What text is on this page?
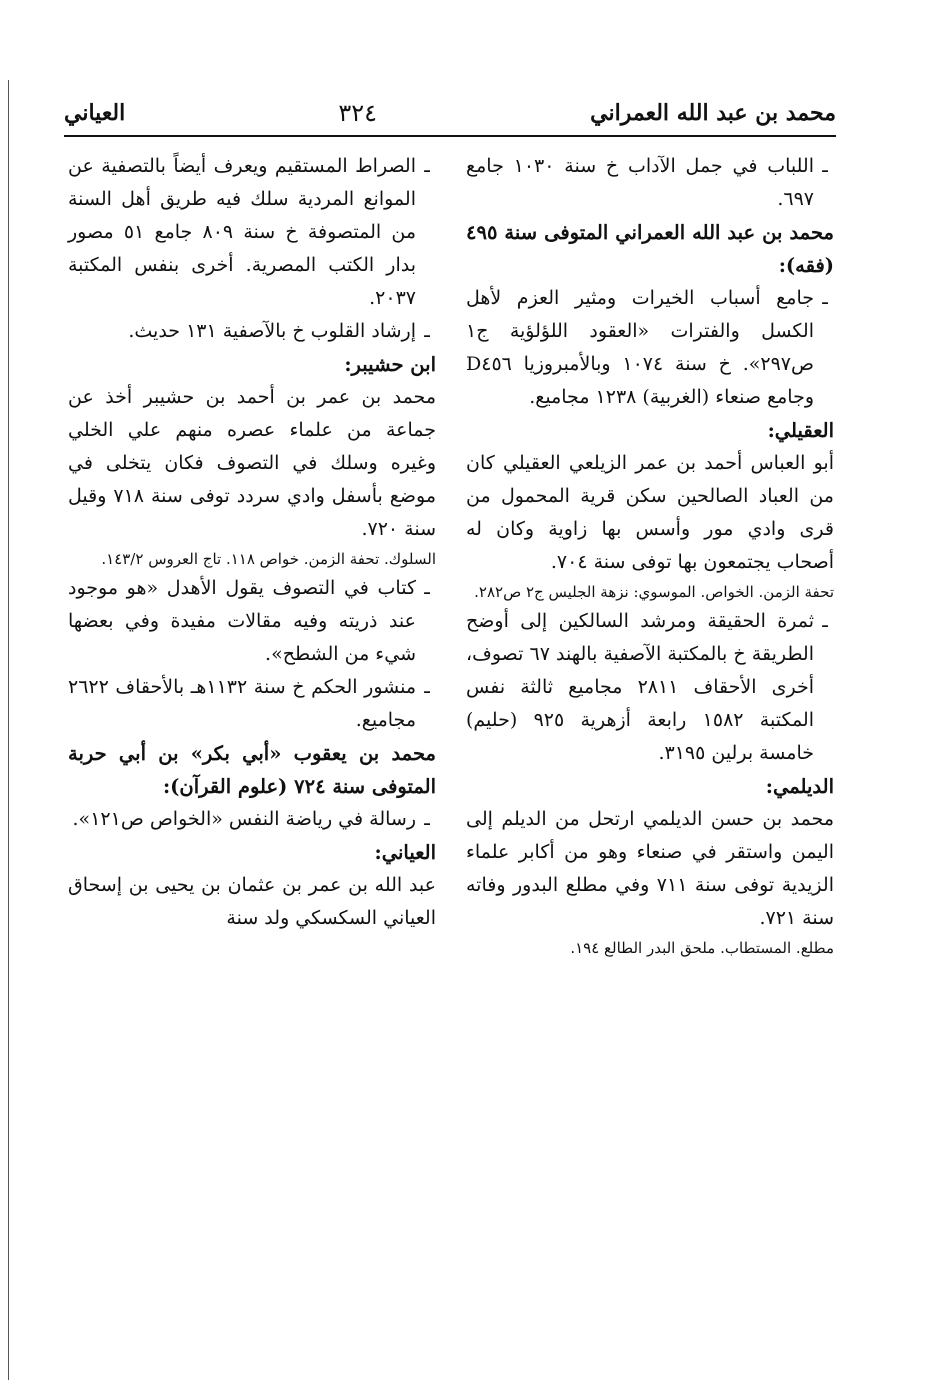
محمد بن عبد الله العمراني
٣٢٤
العياني

ـ
اللباب في جمل الآداب خ سنة ١٠٣٠ جامع ٦٩٧.

محمد بن عبد الله العمراني المتوفى سنة ٤٩٥ (فقه):

ـ
جامع أسباب الخيرات ومثير العزم لأهل الكسل والفترات «العقود اللؤلؤية ج١ ص٢٩٧». خ سنة ١٠٧٤ وبالأمبروزيا D٤٥٦ وجامع صنعاء (الغربية) ١٢٣٨ مجاميع.

العقيلي:

أبو العباس أحمد بن عمر الزيلعي العقيلي كان من العباد الصالحين سكن قرية المحمول من قرى وادي مور وأسس بها زاوية وكان له أصحاب يجتمعون بها توفى سنة ٧٠٤.

تحفة الزمن. الخواص. الموسوي: نزهة الجليس ج٢ ص٢٨٢.

ـ
ثمرة الحقيقة ومرشد السالكين إلى أوضح الطريقة خ بالمكتبة الآصفية بالهند ٦٧ تصوف، أخرى الأحقاف ٢٨١١ مجاميع ثالثة نفس المكتبة ١٥٨٢ رابعة أزهرية ٩٢٥ (حليم) خامسة برلين ٣١٩٥.

الديلمي:

محمد بن حسن الديلمي ارتحل من الديلم إلى اليمن واستقر في صنعاء وهو من أكابر علماء الزيدية توفى سنة ٧١١ وفي مطلع البدور وفاته سنة ٧٢١.

مطلع. المستطاب. ملحق البدر الطالع ١٩٤.

ـ
الصراط المستقيم ويعرف أيضاً بالتصفية عن الموانع المردية سلك فيه طريق أهل السنة من المتصوفة خ سنة ٨٠٩ جامع ٥١ مصور بدار الكتب المصرية. أخرى بنفس المكتبة ٢٠٣٧.

ـ
إرشاد القلوب خ بالآصفية ١٣١ حديث.

ابن حشيبر:

محمد بن عمر بن أحمد بن حشيبر أخذ عن جماعة من علماء عصره منهم علي الخلي وغيره وسلك في التصوف فكان يتخلى في موضع بأسفل وادي سردد توفى سنة ٧١٨ وقيل سنة ٧٢٠.

السلوك. تحفة الزمن. خواص ١١٨. تاج العروس ١٤٣/٢.

ـ
كتاب في التصوف يقول الأهدل «هو موجود عند ذريته وفيه مقالات مفيدة وفي بعضها شيء من الشطح».

ـ
منشور الحكم خ سنة ١١٣٢هـ بالأحقاف ٢٦٢٢ مجاميع.

محمد بن يعقوب «أبي بكر» بن أبي حربة المتوفى سنة ٧٢٤ (علوم القرآن):

ـ
رسالة في رياضة النفس «الخواص ص١٢١».

العياني:

عبد الله بن عمر بن عثمان بن يحيى بن إسحاق العياني السكسكي ولد سنة
